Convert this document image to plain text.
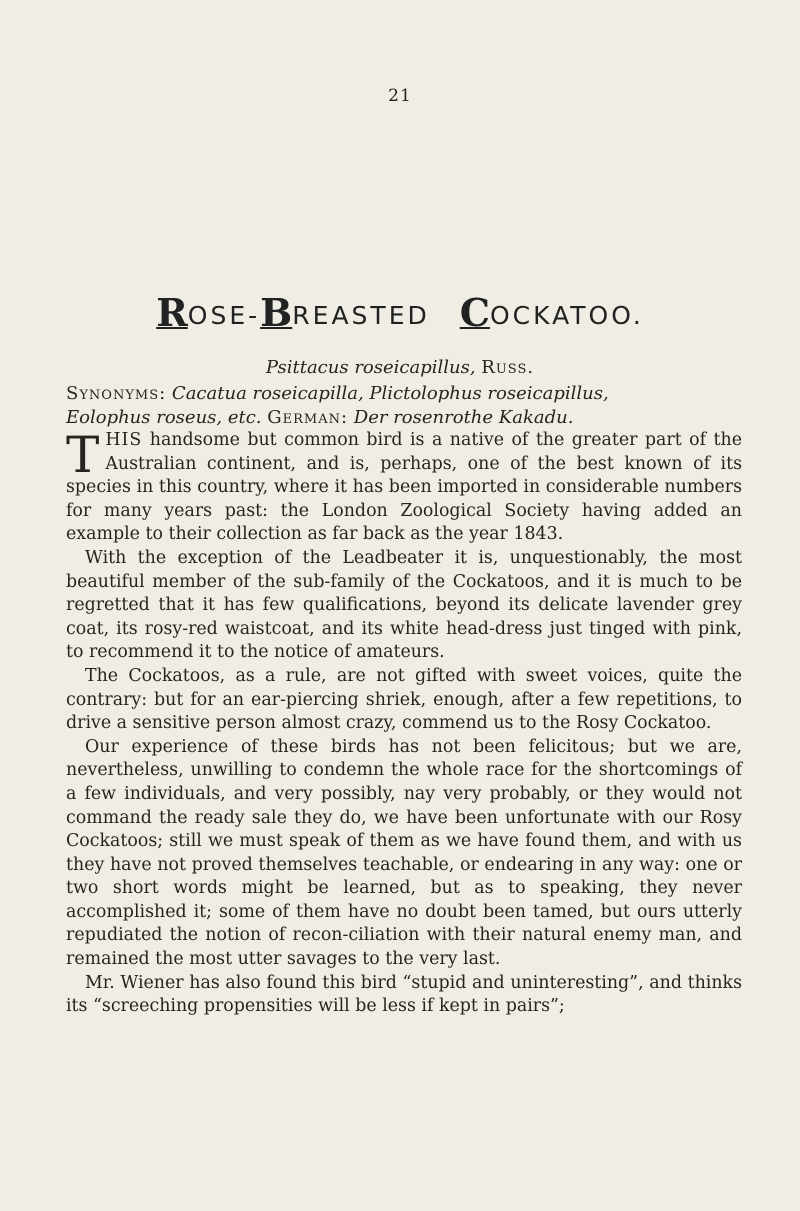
21
R OSE- B REASTED C OCKATOO.
Psittacus roseicapillus, Russ.
Synonyms: Cacatua roseicapilla, Plictolophus roseicapillus,
Eolophus roseus, etc. German: Der rosenrothe Kakadu.

THIS handsome but common bird is a native of the greater part of the Australian continent, and is, perhaps, one of the best known of its species in this country, where it has been imported in considerable numbers for many years past: the London Zoological Society having added an example to their collection as far back as the year 1843.

With the exception of the Leadbeater it is, unquestionably, the most beautiful member of the sub-family of the Cockatoos, and it is much to be regretted that it has few qualifications, beyond its delicate lavender grey coat, its rosy-red waistcoat, and its white head-dress just tinged with pink, to recommend it to the notice of amateurs.

The Cockatoos, as a rule, are not gifted with sweet voices, quite the contrary: but for an ear-piercing shriek, enough, after a few repetitions, to drive a sensitive person almost crazy, commend us to the Rosy Cockatoo.

Our experience of these birds has not been felicitous; but we are, nevertheless, unwilling to condemn the whole race for the shortcomings of a few individuals, and very possibly, nay very probably, or they would not command the ready sale they do, we have been unfortunate with our Rosy Cockatoos; still we must speak of them as we have found them, and with us they have not proved themselves teachable, or endearing in any way: one or two short words might be learned, but as to speaking, they never accomplished it; some of them have no doubt been tamed, but ours utterly repudiated the notion of recon-ciliation with their natural enemy man, and remained the most utter savages to the very last.

Mr. Wiener has also found this bird “stupid and uninteresting”, and thinks its “screeching propensities will be less if kept in pairs”;
